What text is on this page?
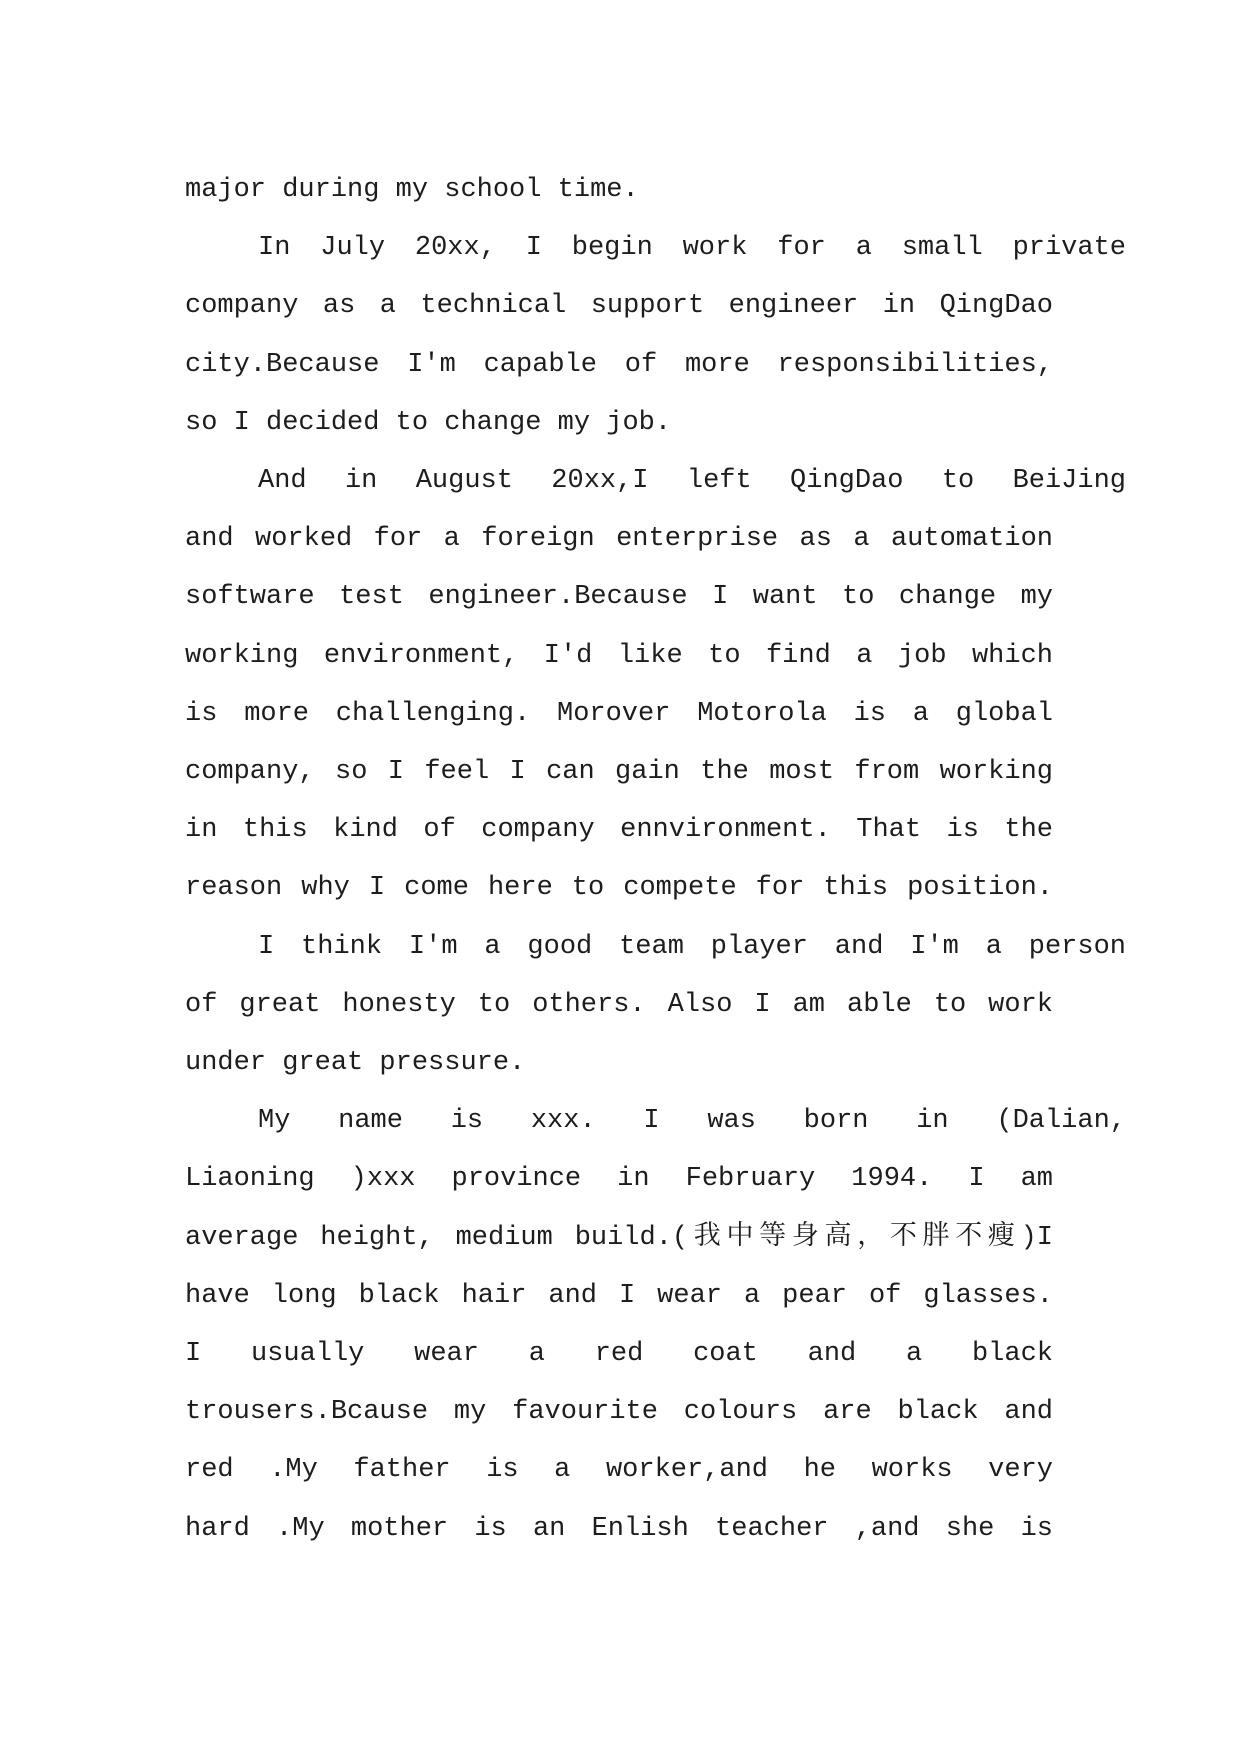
major during my school time.
In July 20xx, I begin work for a small private
company as a technical support engineer in QingDao
city.Because I'm capable of more responsibilities,
so I decided to change my job.
And in August 20xx,I left QingDao to BeiJing
and worked for a foreign enterprise as a automation
software test engineer.Because I want to change my
working environment, I'd like to find a job which
is more challenging. Morover Motorola is a global
company, so I feel I can gain the most from working
in this kind of company ennvironment. That is the
reason why I come here to compete for this position.
I think I'm a good team player and I'm a person
of great honesty to others. Also I am able to work
under great pressure.
My name is xxx. I was born in (Dalian,
Liaoning )xxx province in February 1994. I am
average height, medium build.(我中等身高，不胖不瘦)I
have long black hair and I wear a pear of glasses.
I usually wear a red coat and a black
trousers.Bcause my favourite colours are black and
red .My father is a worker,and he works very
hard .My mother is an Enlish teacher ,and she is
